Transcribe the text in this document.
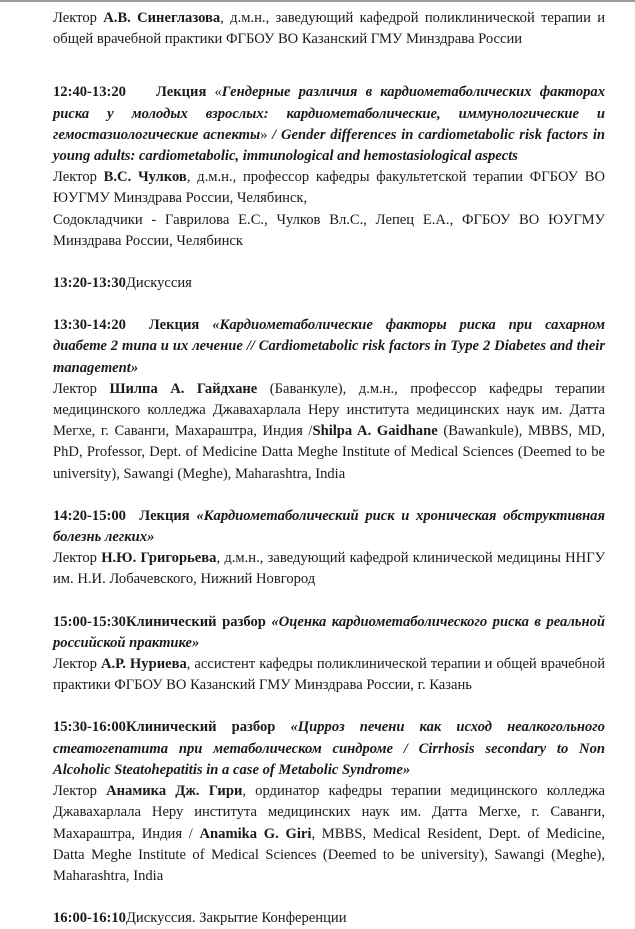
Лектор А.В. Синеглазова, д.м.н., заведующий кафедрой поликлинической терапии и общей врачебной практики ФГБОУ ВО Казанский ГМУ Минздрава России

12:40-13:20 Лекция «Гендерные различия в кардиометаболических факторах риска у молодых взрослых: кардиометаболические, иммунологические и гемостазиологические аспекты» / Gender differences in cardiometabolic risk factors in young adults: cardiometabolic, immunological and hemostasiological aspects

Лектор В.С. Чулков, д.м.н., профессор кафедры факультетской терапии ФГБОУ ВО ЮУГМУ Минздрава России, Челябинск,

Содокладчики - Гаврилова Е.С., Чулков Вл.С., Лепец Е.А., ФГБОУ ВО ЮУГМУ Минздрава России, Челябинск

13:20-13:30Дискуссия

13:30-14:20 Лекция «Кардиометаболические факторы риска при сахарном диабете 2 типа и их лечение // Cardiometabolic risk factors in Type 2 Diabetes and their management»

Лектор Шилпа А. Гайдхане (Баванкуле), д.м.н., профессор кафедры терапии медицинского колледжа Джавахарлала Неру института медицинских наук им. Датта Мегхе, г. Саванги, Махараштра, Индия /Shilpa A. Gaidhane (Bawankule), MBBS, MD, PhD, Professor, Dept. of Medicine Datta Meghe Institute of Medical Sciences (Deemed to be university), Sawangi (Meghe), Maharashtra, India

14:20-15:00 Лекция «Кардиометаболический риск и хроническая обструктивная болезнь легких»

Лектор Н.Ю. Григорьева, д.м.н., заведующий кафедрой клинической медицины ННГУ им. Н.И. Лобачевского, Нижний Новгород

15:00-15:30Клинический разбор «Оценка кардиометаболического риска в реальной российской практике»

Лектор А.Р. Нуриева, ассистент кафедры поликлинической терапии и общей врачебной практики ФГБОУ ВО Казанский ГМУ Минздрава России, г. Казань

15:30-16:00Клинический разбор «Цирроз печени как исход неалкогольного стеатогепатита при метаболическом синдроме / Cirrhosis secondary to Non Alcoholic Steatohepatitis in a case of Metabolic Syndrome»

Лектор Анамика Дж. Гири, ординатор кафедры терапии медицинского колледжа Джавахарлала Неру института медицинских наук им. Датта Мегхе, г. Саванги, Махараштра, Индия / Anamika G. Giri, MBBS, Medical Resident, Dept. of Medicine, Datta Meghe Institute of Medical Sciences (Deemed to be university), Sawangi (Meghe), Maharashtra, India

16:00-16:10Дискуссия. Закрытие Конференции
